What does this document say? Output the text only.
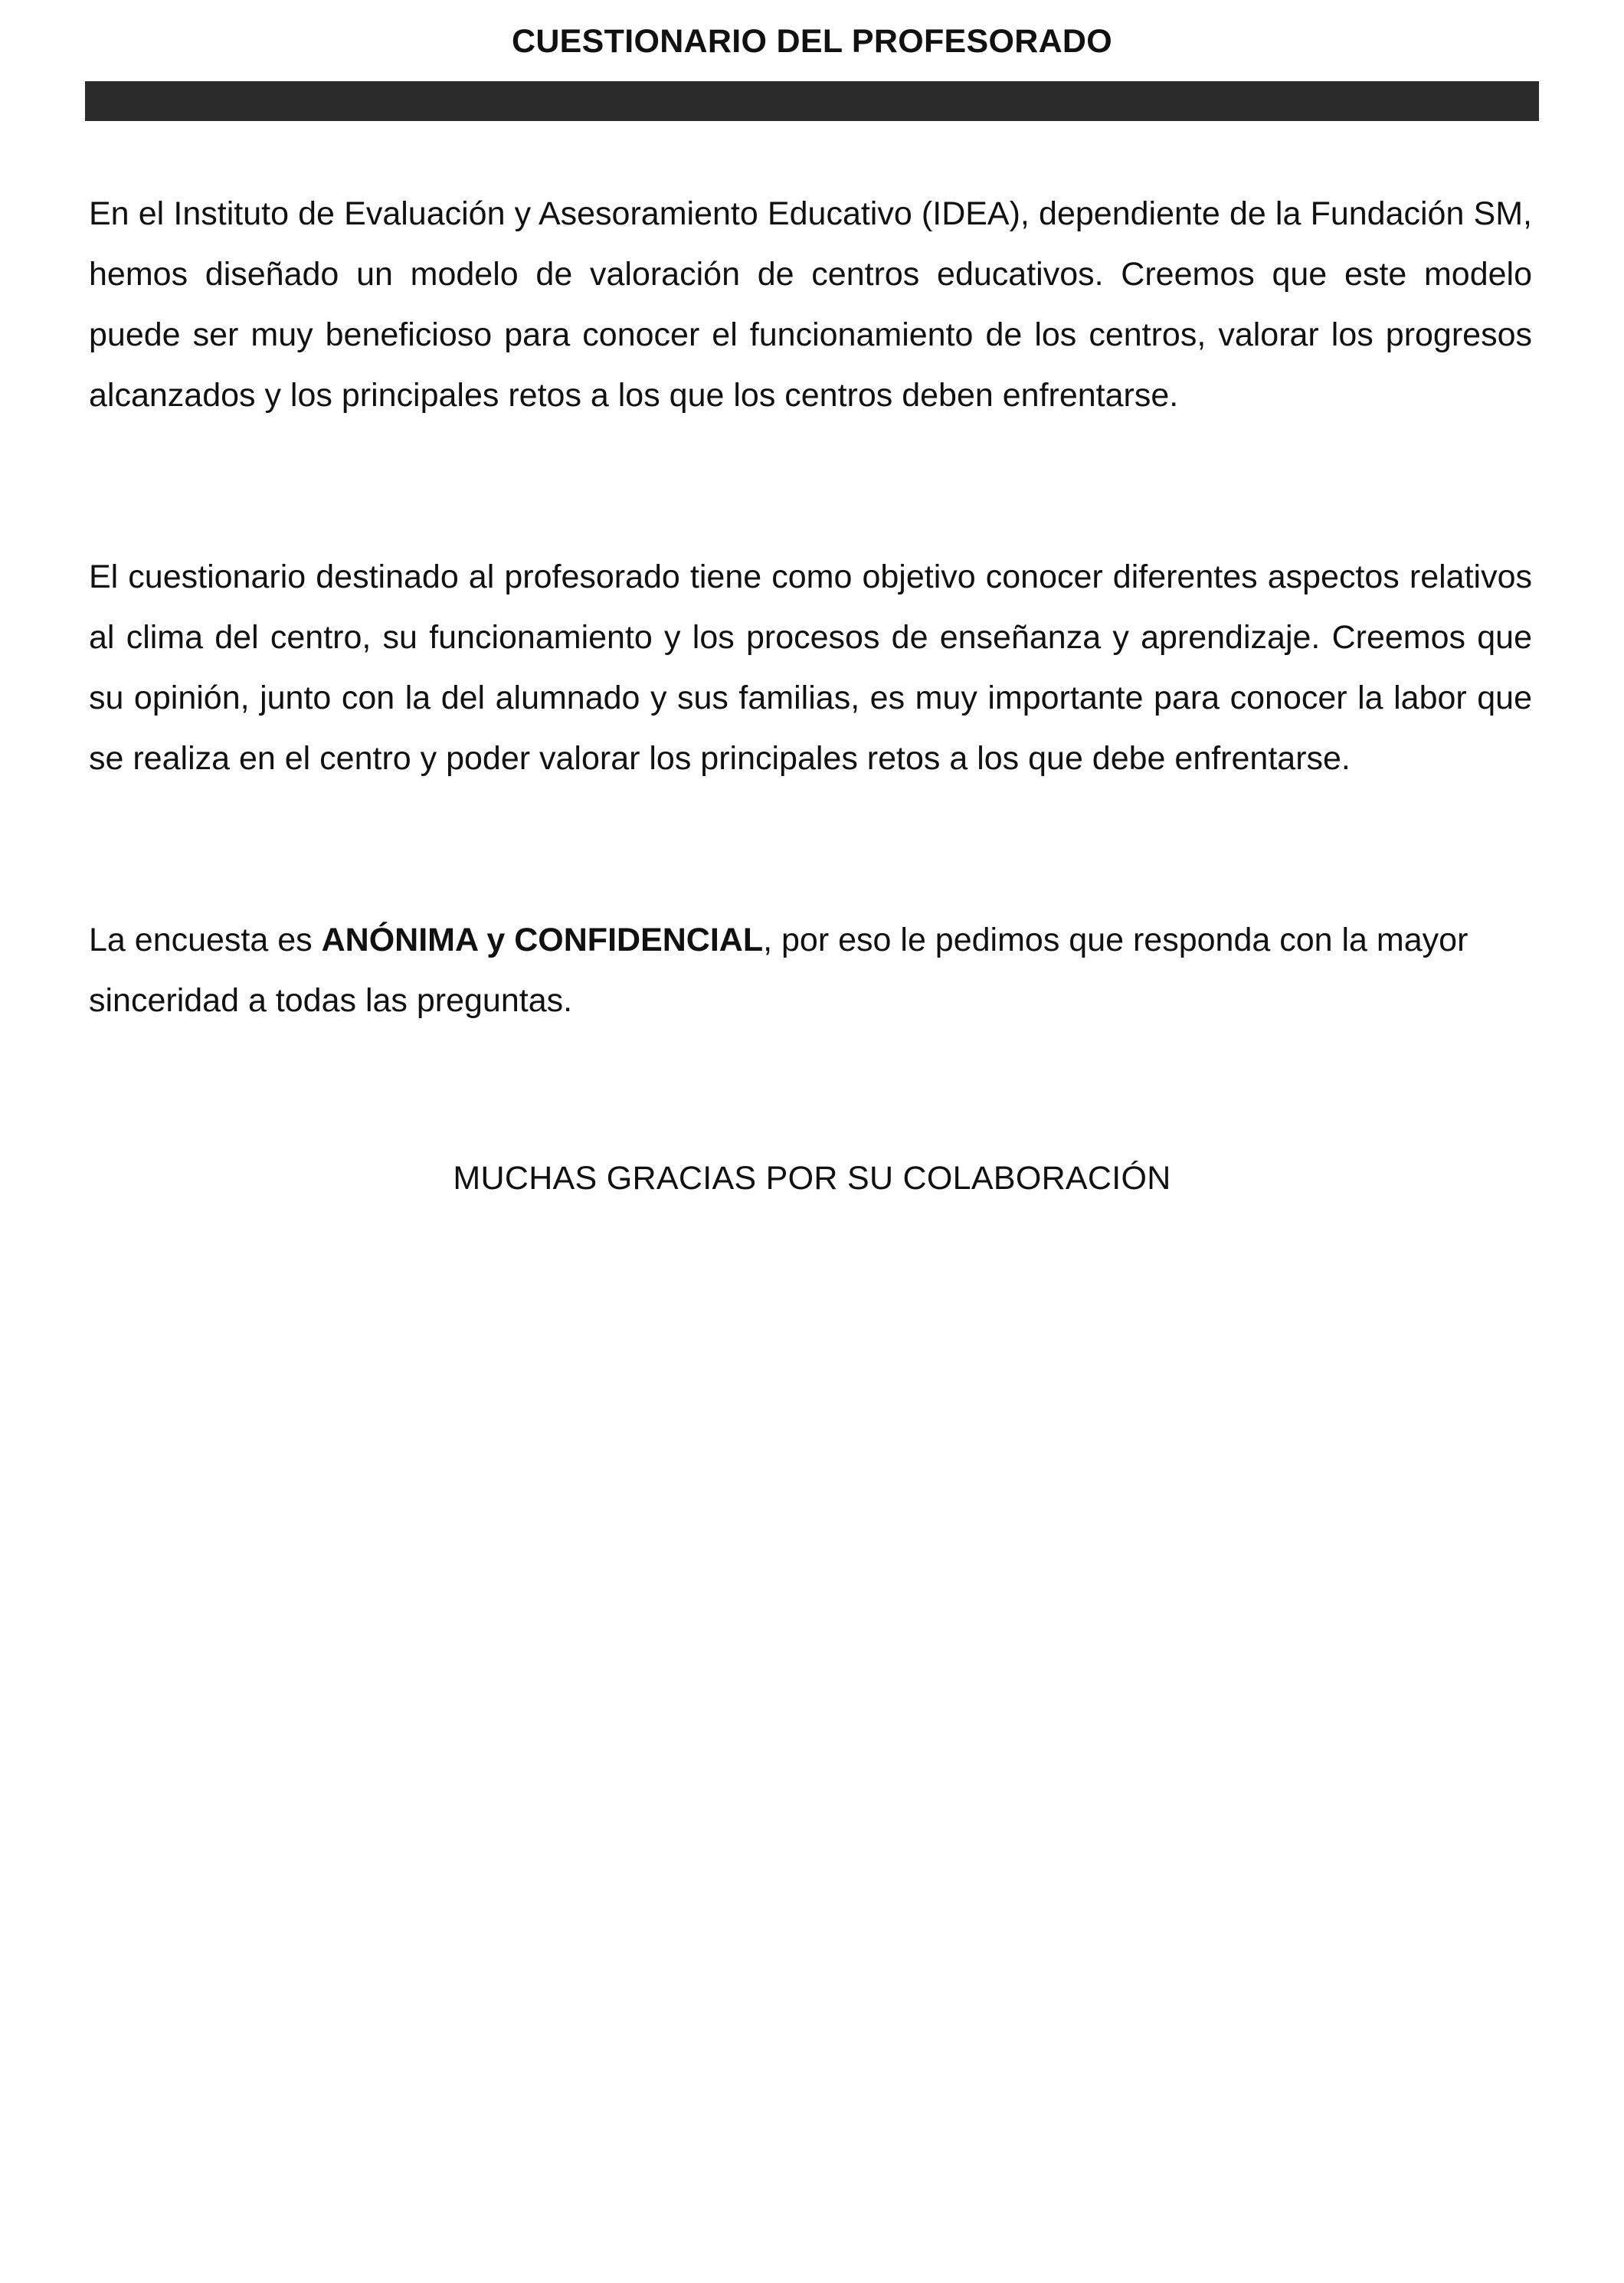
CUESTIONARIO DEL PROFESORADO

En el Instituto de Evaluación y Asesoramiento Educativo (IDEA), dependiente de la Fundación SM, hemos diseñado un modelo de valoración de centros educativos. Creemos que este modelo puede ser muy beneficioso para conocer el funcionamiento de los centros, valorar los progresos alcanzados y los principales retos a los que los centros deben enfrentarse.

El cuestionario destinado al profesorado tiene como objetivo conocer diferentes aspectos relativos al clima del centro, su funcionamiento y los procesos de enseñanza y aprendizaje. Creemos que su opinión, junto con la del alumnado y sus familias, es muy importante para conocer la labor que se realiza en el centro y poder valorar los principales retos a los que debe enfrentarse.

La encuesta es ANÓNIMA y CONFIDENCIAL, por eso le pedimos que responda con la mayor sinceridad a todas las preguntas.

MUCHAS GRACIAS POR SU COLABORACIÓN
